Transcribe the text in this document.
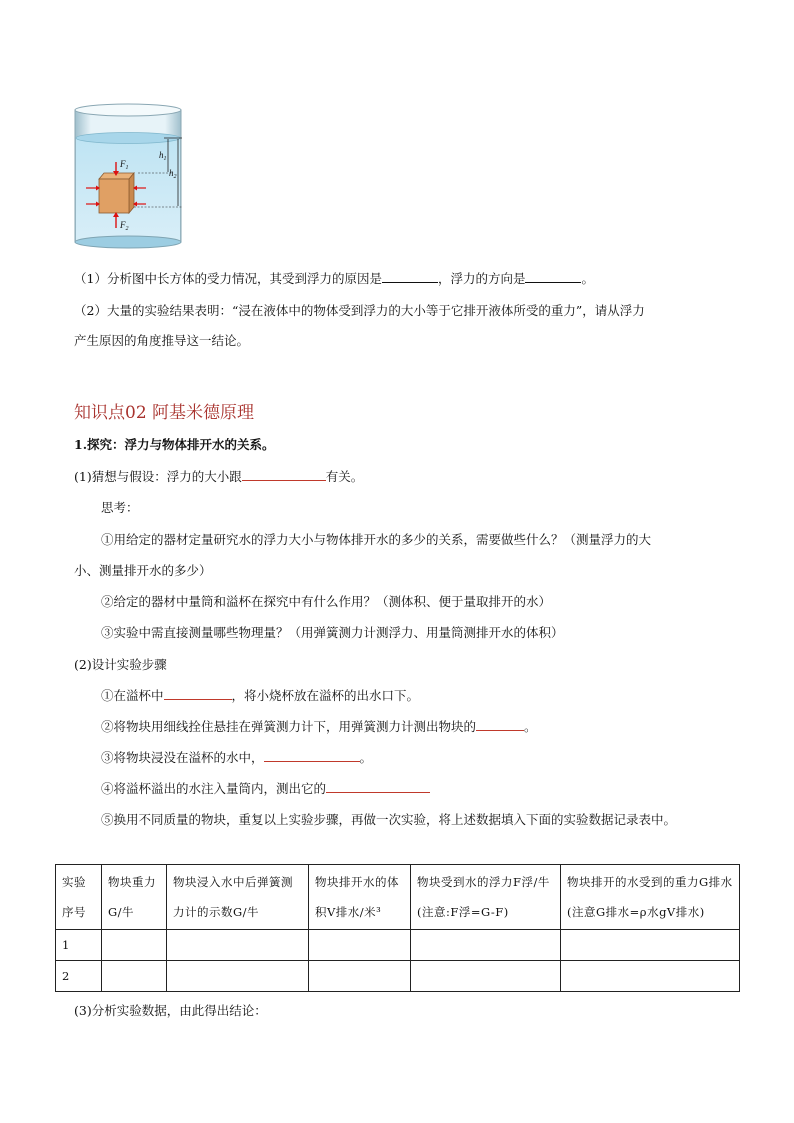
$F_1$
$F_2$
$h_1$
$h_2$
（1）分析图中长方体的受力情况，其受到浮力的原因是	，浮力的方向是	。
（2）大量的实验结果表明：“浸在液体中的物体受到浮力的大小等于它排开液体所受的重力”，请从浮力
产生原因的角度推导这一结论。
知识点02 阿基米德原理
1.探究：浮力与物体排开水的关系。
(1)猜想与假设：浮力的大小跟	有关。
思考：
①用给定的器材定量研究水的浮力大小与物体排开水的多少的关系，需要做些什么？（测量浮力的大
小、测量排开水的多少）
②给定的器材中量筒和溢杯在探究中有什么作用？（测体积、便于量取排开的水）
③实验中需直接测量哪些物理量？（用弹簧测力计测浮力、用量筒测排开水的体积）
(2)设计实验步骤
①在溢杯中	，将小烧杯放在溢杯的出水口下。
②将物块用细线拴住悬挂在弹簧测力计下，用弹簧测力计测出物块的	。
③将物块浸没在溢杯的水中，	。
④将溢杯溢出的水注入量筒内，测出它的
⑤换用不同质量的物块，重复以上实验步骤，再做一次实验，将上述数据填入下面的实验数据记录表中。
实验序号	物块重力G/牛	物块浸入水中后弹簧测力计的示数G/牛	物块排开水的体积V排水/米³	物块受到水的浮力F浮/牛(注意:F浮=G-F)	物块排开的水受到的重力G排水(注意G排水=ρ水gV排水)

1					
2					
(3)分析实验数据，由此得出结论：
